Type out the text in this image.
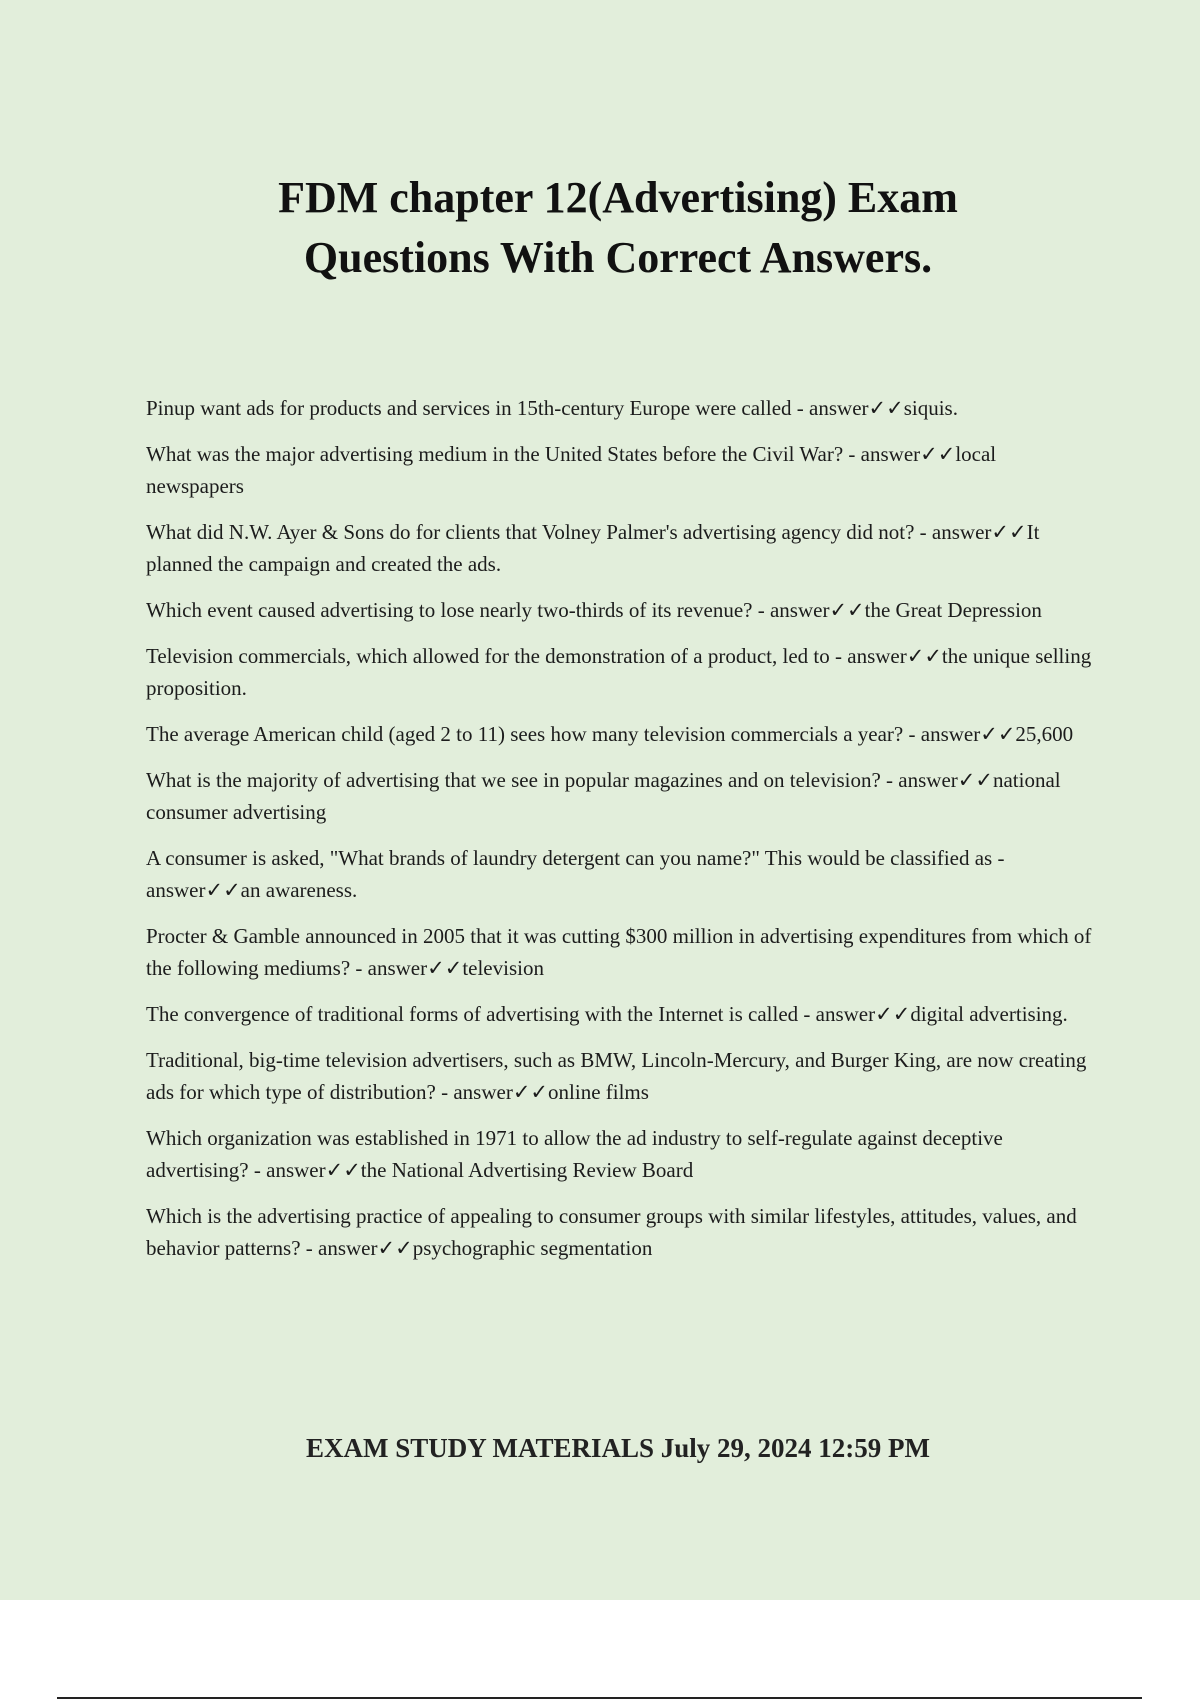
FDM chapter 12(Advertising) Exam
Questions With Correct Answers.
Pinup want ads for products and services in 15th-century Europe were called - answer✓✓siquis.
What was the major advertising medium in the United States before the Civil War? - answer✓✓local newspapers
What did N.W. Ayer & Sons do for clients that Volney Palmer's advertising agency did not? - answer✓✓It planned the campaign and created the ads.
Which event caused advertising to lose nearly two-thirds of its revenue? - answer✓✓the Great Depression
Television commercials, which allowed for the demonstration of a product, led to - answer✓✓the unique selling proposition.
The average American child (aged 2 to 11) sees how many television commercials a year? - answer✓✓25,600
What is the majority of advertising that we see in popular magazines and on television? - answer✓✓national consumer advertising
A consumer is asked, "What brands of laundry detergent can you name?" This would be classified as - answer✓✓an awareness.
Procter & Gamble announced in 2005 that it was cutting $300 million in advertising expenditures from which of the following mediums? - answer✓✓television
The convergence of traditional forms of advertising with the Internet is called - answer✓✓digital advertising.
Traditional, big-time television advertisers, such as BMW, Lincoln-Mercury, and Burger King, are now creating ads for which type of distribution? - answer✓✓online films
Which organization was established in 1971 to allow the ad industry to self-regulate against deceptive advertising? - answer✓✓the National Advertising Review Board
Which is the advertising practice of appealing to consumer groups with similar lifestyles, attitudes, values, and behavior patterns? - answer✓✓psychographic segmentation
EXAM STUDY MATERIALS July 29, 2024 12:59 PM
